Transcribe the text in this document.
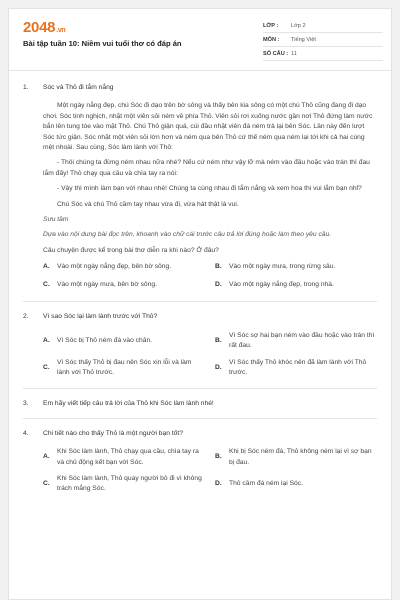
2048.vn
Bài tập tuần 10: Niềm vui tuổi thơ có đáp án
LỚP :	Lớp 2
MÔN :	Tiếng Việt
SỐ CÂU : 11
1.	Sóc và Thỏ đi tắm nắng

Một ngày nắng đẹp, chú Sóc đi dạo trên bờ sông và thấy bên kia sông có một chú Thỏ cũng đang đi dạo chơi. Sóc tinh nghịch, nhặt một viên sỏi ném về phía Thỏ. Viên sỏi rơi xuống nước gần nơi Thỏ đứng làm nước bắn lên tung tóe vào mặt Thỏ. Chú Thỏ giận quá, cúi đầu nhặt viên đá ném trả lại bên Sóc. Lần này đến lượt Sóc tức giận. Sóc nhặt một viên sỏi lớn hơn và ném qua bên Thỏ cứ thế ném qua ném lại tới khi cả hai cùng mệt nhoài. Sau cùng, Sóc làm lành với Thỏ:

- Thôi chúng ta đừng ném nhau nữa nhé? Nếu cứ ném như vậy lỡ mà ném vào đầu hoặc vào trán thì đau lắm đấy! Thỏ chạy qua cầu và chìa tay ra nói:

- Vậy thì mình làm bạn với nhau nhé! Chúng ta cùng nhau đi tắm nắng và xem hoa thi vui lắm bạn nhỉ?

Chú Sóc và chú Thỏ cầm tay nhau vừa đi, vừa hát thật là vui.

Sưu tầm

Dựa vào nội dung bài đọc trên, khoanh vào chữ cái trước câu trả lời đúng hoặc làm theo yêu cầu.

Câu chuyện được kể trong bài thơ diễn ra khi nào? Ở đâu?

A.	Vào một ngày nắng đẹp, bên bờ sông.	B.	Vào một ngày mưa, trong rừng sâu.
C.	Vào một ngày mưa, bên bờ sông.	D.	Vào một ngày nắng đẹp, trong nhà.
2.	Vì sao Sóc lại làm lành trước với Thỏ?
A.	Vì Sóc bị Thỏ ném đá vào chân.	B.
Vì Sóc sợ hai bạn ném vào đầu hoặc vào trán thì rất đau.
C.
Vì Sóc thấy Thỏ bị đau nên Sóc xin lỗi và làm lành với Thỏ trước.
D.
Vì Sóc thấy Thỏ khóc nên đã làm lành với Thỏ trước.
3.	Em hãy viết tiếp câu trả lời của Thỏ khi Sóc làm lành nhé!
4.	Chi tiết nào cho thấy Thỏ là một người bạn tốt?
A.
Khi Sóc làm lành, Thỏ chạy qua cầu, chìa tay ra và chủ động kết bạn với Sóc.
B.
Khi bị Sóc ném đá, Thỏ không ném lại vì sợ bạn bị đau.
C.
Khi Sóc làm lành, Thỏ quay người bỏ đi vì không trách mắng Sóc.
D.	Thỏ cầm đá ném lại Sóc.
